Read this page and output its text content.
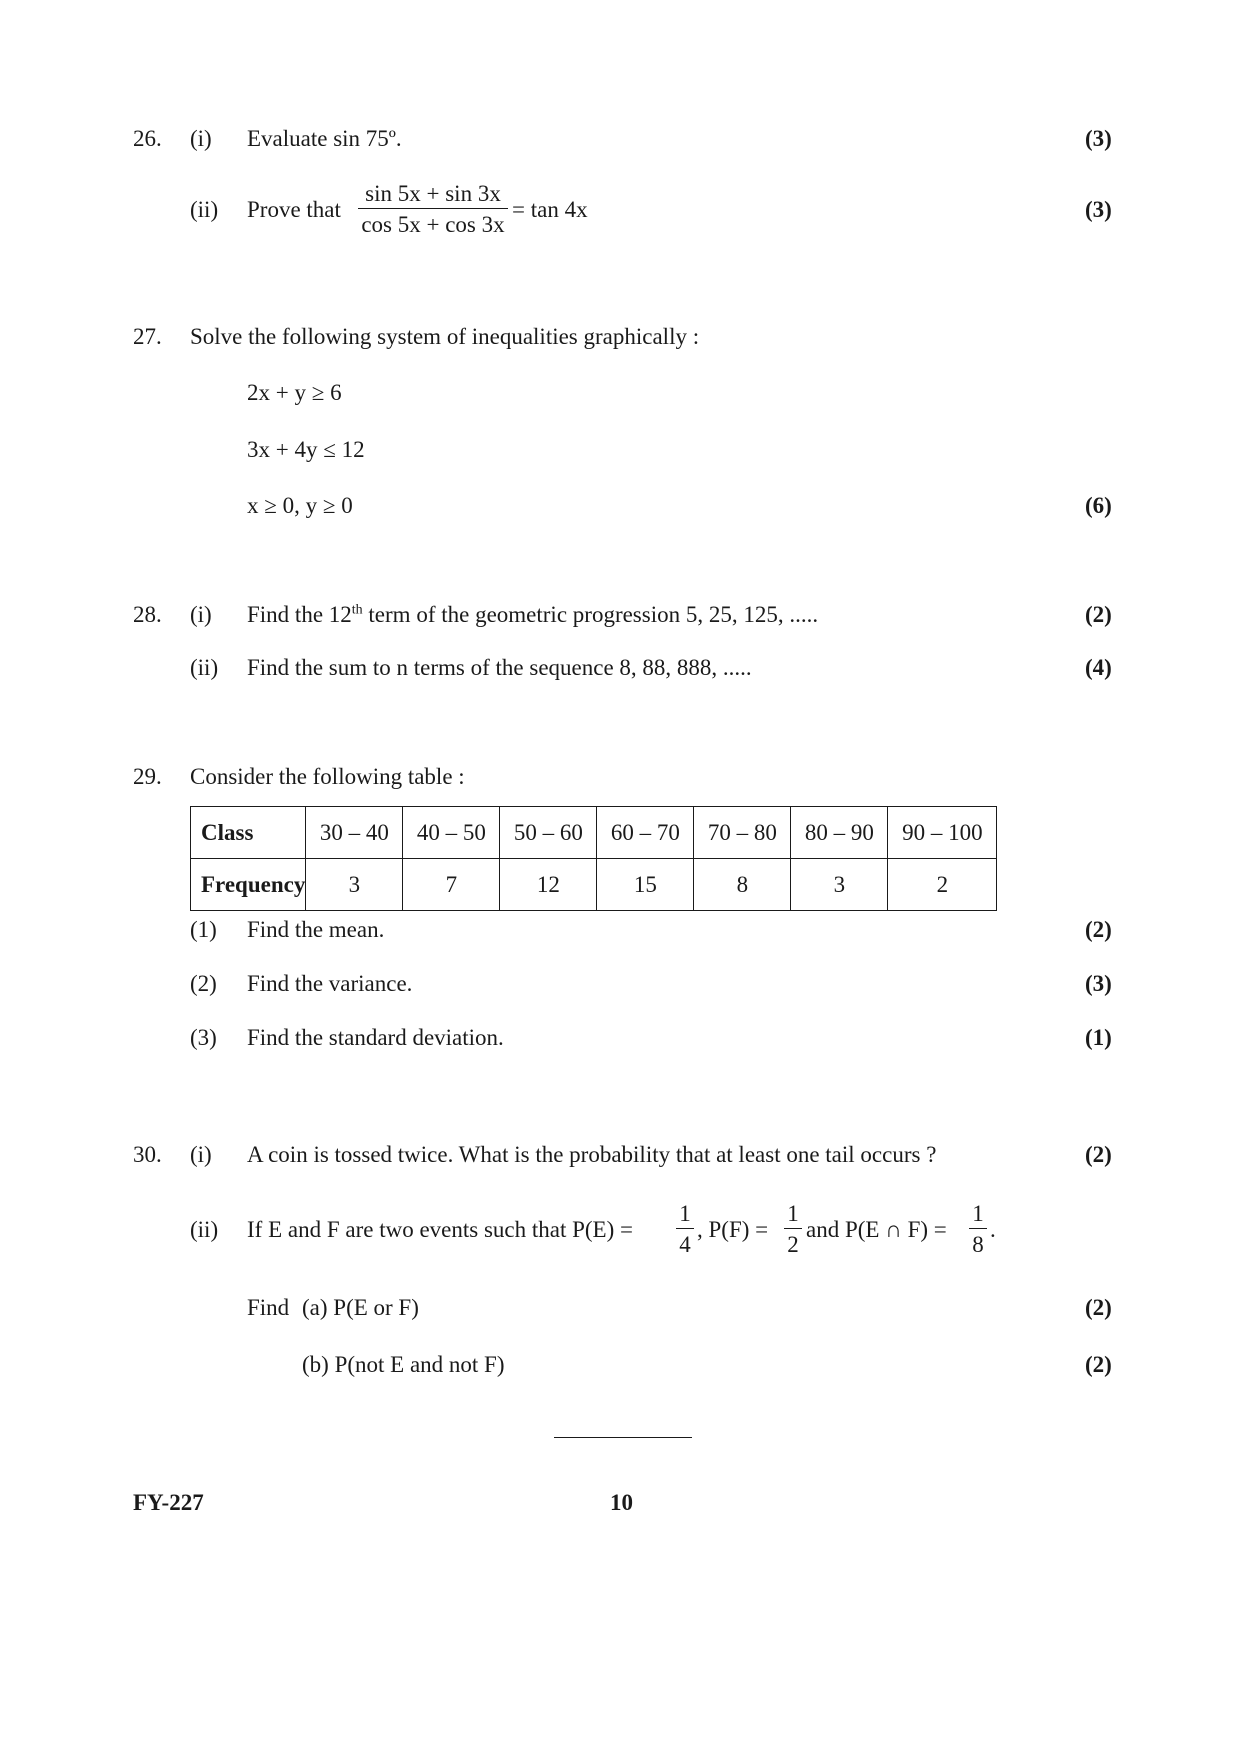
26. (i) Evaluate sin 75º.	(3)
(ii) Prove that
sin 5x + sin 3x
cos 5x + cos 3x
= tan 4x	(3)
27. Solve the following system of inequalities graphically :
2x + y ≥ 6
3x + 4y ≤ 12
x ≥ 0, y ≥ 0	(6)
28. (i) Find the 12th term of the geometric progression 5, 25, 125, .....	(2)
(ii) Find the sum to n terms of the sequence 8, 88, 888, .....	(4)
29. Consider the following table :
Class	30 – 40	40 – 50	50 – 60	60 – 70	70 – 80	80 – 90	90 – 100
Frequency	3	7	12	15	8	3	2
(1) Find the mean.	(2)
(2) Find the variance.	(3)
(3) Find the standard deviation.	(1)
30. (i) A coin is tossed twice. What is the probability that at least one tail occurs ?	(2)
(ii) If E and F are two events such that P(E) =
1
4
, P(F) =
1
2
and P(E ∩ F) =
1
8
.
Find (a) P(E or F)	(2)
(b) P(not E and not F)	(2)
FY-227	10
